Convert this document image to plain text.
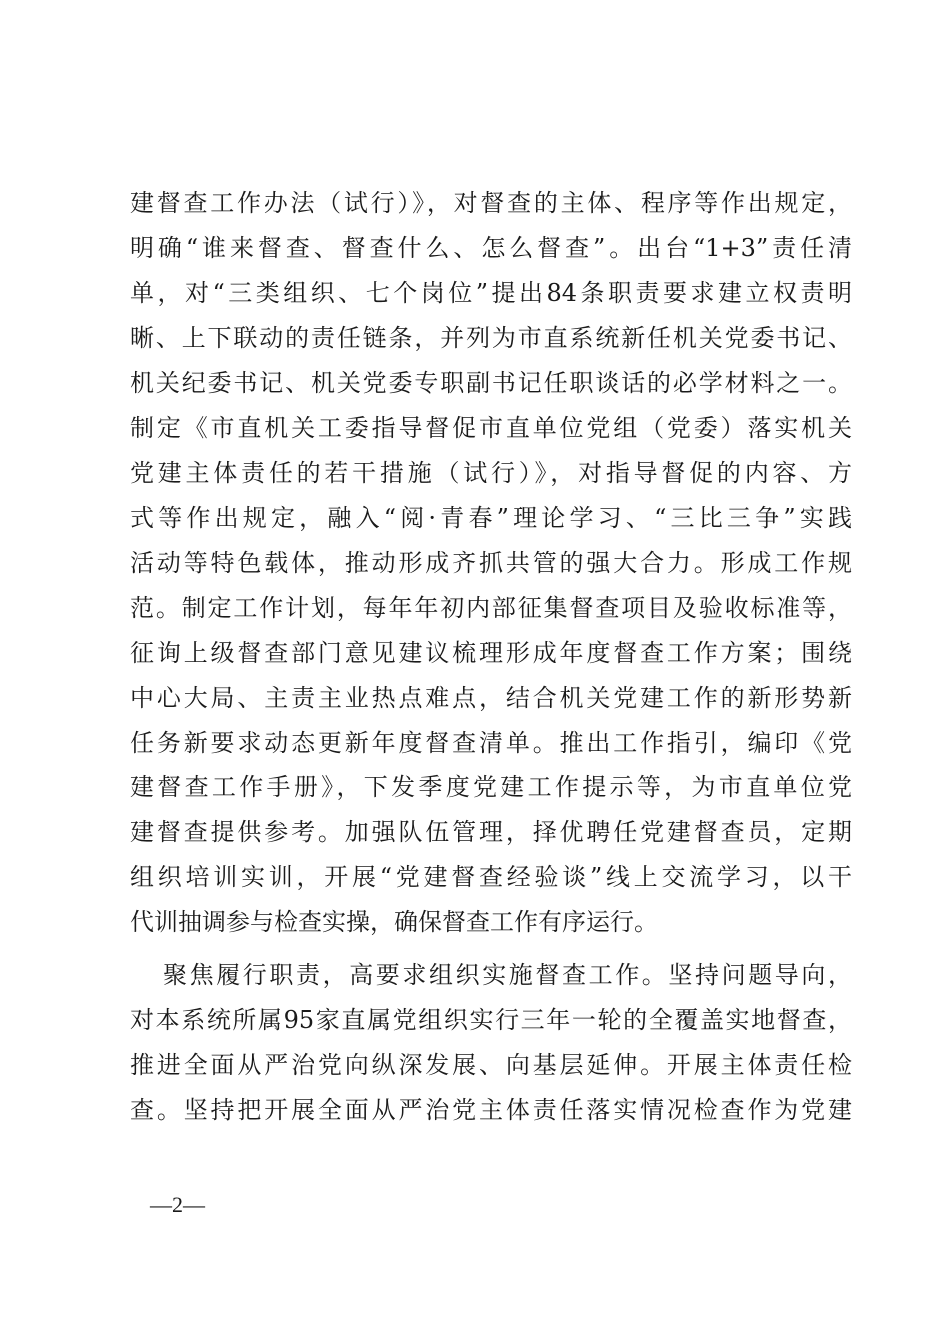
建督查工作办法（试行）》，对督查的主体、程序等作出规定，
明确“谁来督查、督查什么、怎么督查”。出台“1+3”责任清
单，对“三类组织、七个岗位”提出84条职责要求建立权责明
晰、上下联动的责任链条，并列为市直系统新任机关党委书记、
机关纪委书记、机关党委专职副书记任职谈话的必学材料之一。
制定《市直机关工委指导督促市直单位党组（党委）落实机关
党建主体责任的若干措施（试行）》，对指导督促的内容、方
式等作出规定，融入“阅·青春”理论学习、“三比三争”实践
活动等特色载体，推动形成齐抓共管的强大合力。形成工作规
范。制定工作计划，每年年初内部征集督查项目及验收标准等，
征询上级督查部门意见建议梳理形成年度督查工作方案；围绕
中心大局、主责主业热点难点，结合机关党建工作的新形势新
任务新要求动态更新年度督查清单。推出工作指引，编印《党
建督查工作手册》，下发季度党建工作提示等，为市直单位党
建督查提供参考。加强队伍管理，择优聘任党建督查员，定期
组织培训实训，开展“党建督查经验谈”线上交流学习，以干
代训抽调参与检查实操，确保督查工作有序运行。
聚焦履行职责，高要求组织实施督查工作。坚持问题导向，
对本系统所属95家直属党组织实行三年一轮的全覆盖实地督查，
推进全面从严治党向纵深发展、向基层延伸。开展主体责任检
查。坚持把开展全面从严治党主体责任落实情况检查作为党建
—2—
